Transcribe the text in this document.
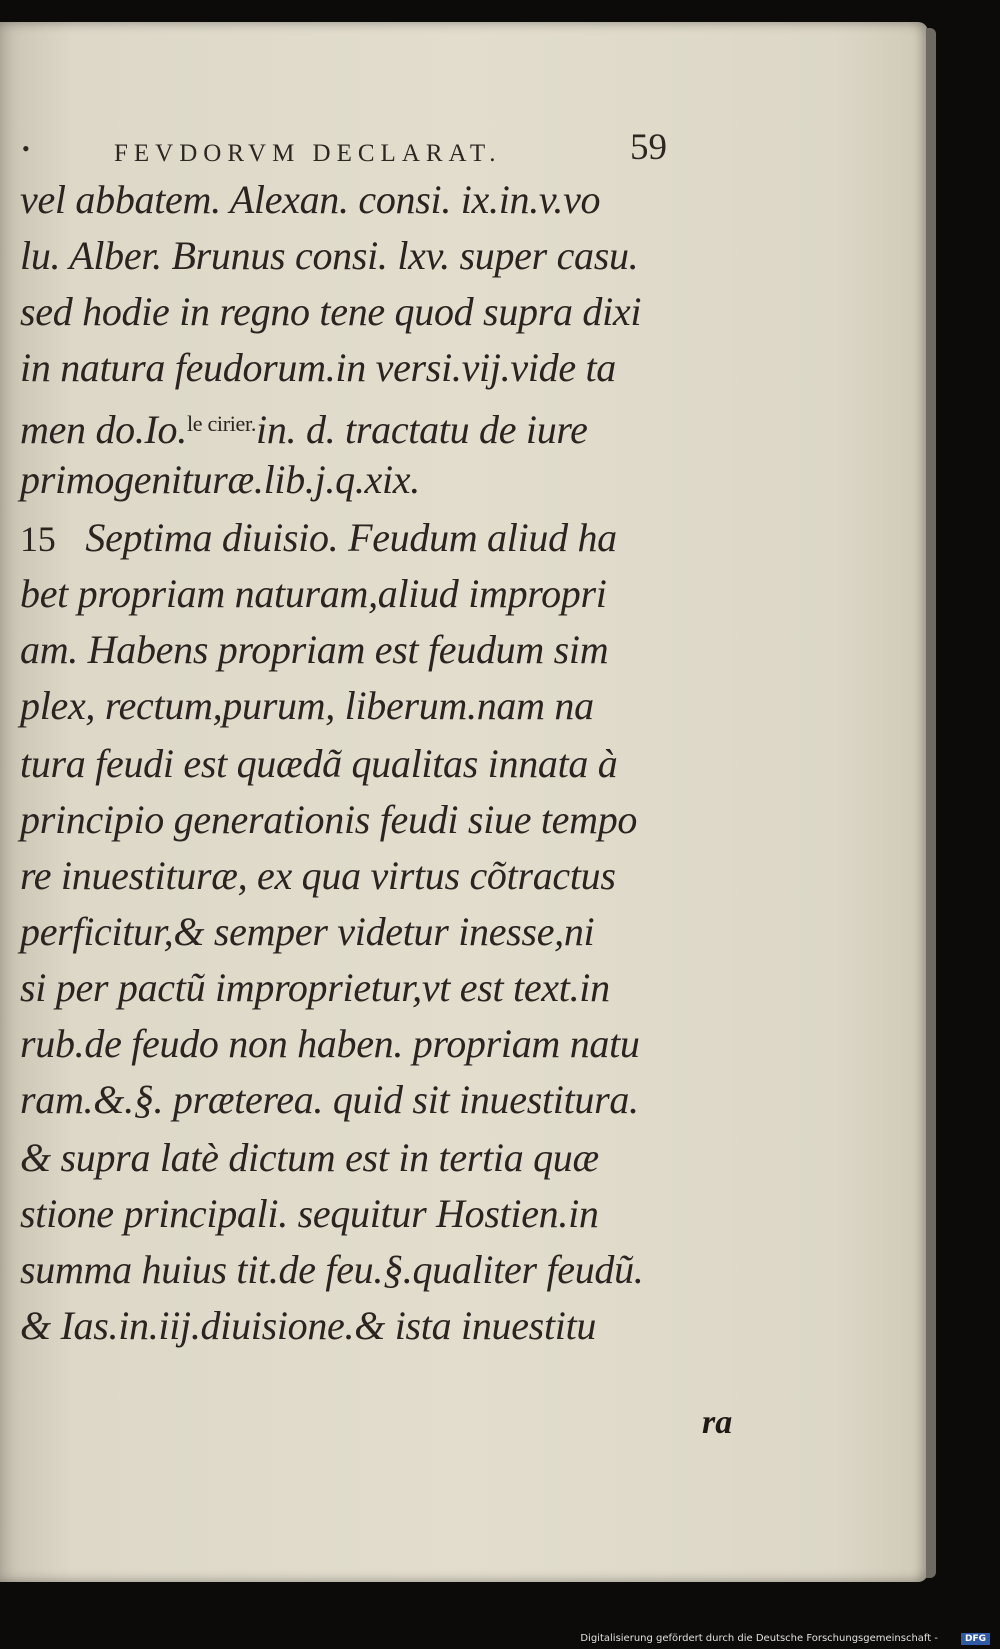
•	FEVDORVM DECLARAT.	59
vel abbatem. Alexan. consi. ix.in.v.vo
lu. Alber. Brunus consi. lxv. super casu.
sed hodie in regno tene quod supra dixi
in natura feudorum.in versi.vij.vide ta
men do.Io.$^{le cirier.}$in. d. tractatu de iure
primogenituræ.lib.j.q.xix.
15 Septima diuisio. Feudum aliud ha
bet propriam naturam,aliud impropri
am. Habens propriam est feudum sim
plex, rectum,purum, liberum.nam na
tura feudi est quædã qualitas innata à
principio generationis feudi siue tempo
re inuestituræ, ex qua virtus cõtractus
perficitur,& semper videtur inesse,ni
si per pactũ improprietur,vt est text.in
rub.de feudo non haben. propriam natu
ram.&.§. præterea. quid sit inuestitura.
& supra latè dictum est in tertia quæ
stione principali. sequitur Hostien.in
summa huius tit.de feu.§.qualiter feudũ.
& Ias.in.iij.diuisione.& ista inuestitu
ra
Digitalisierung gefördert durch die Deutsche Forschungsgemeinschaft -	DFG
